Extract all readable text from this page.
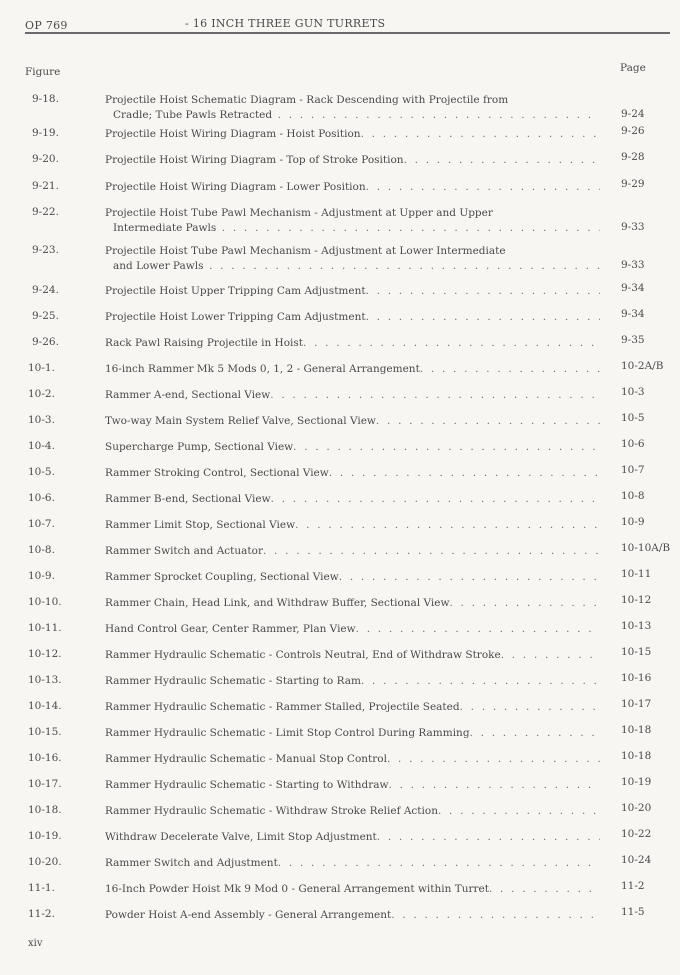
OP 769	- 16 INCH THREE GUN TURRETS
Figure	Page
9-18.	Projectile Hoist Schematic Diagram - Rack Descending with Projectile from
Cradle; Tube Pawls Retracted . . .	9-24
9-19.	Projectile Hoist Wiring Diagram - Hoist Position . . .	9-26
9-20.	Projectile Hoist Wiring Diagram - Top of Stroke Position . . .	9-28
9-21.	Projectile Hoist Wiring Diagram - Lower Position . . .	9-29
9-22.	Projectile Hoist Tube Pawl Mechanism - Adjustment at Upper and Upper
Intermediate Pawls . . .	9-33
9-23.	Projectile Hoist Tube Pawl Mechanism - Adjustment at Lower Intermediate
and Lower Pawls . . .	9-33
9-24.	Projectile Hoist Upper Tripping Cam Adjustment . . .	9-34
9-25.	Projectile Hoist Lower Tripping Cam Adjustment . . .	9-34
9-26.	Rack Pawl Raising Projectile in Hoist . . .	9-35
10-1.	16-inch Rammer Mk 5 Mods 0, 1, 2 - General Arrangement . . .	10-2A/B
10-2.	Rammer A-end, Sectional View . . .	10-3
10-3.	Two-way Main System Relief Valve, Sectional View . . .	10-5
10-4.	Supercharge Pump, Sectional View . . .	10-6
10-5.	Rammer Stroking Control, Sectional View . . .	10-7
10-6.	Rammer B-end, Sectional View . . .	10-8
10-7.	Rammer Limit Stop, Sectional View . . .	10-9
10-8.	Rammer Switch and Actuator . . .	10-10A/B
10-9.	Rammer Sprocket Coupling, Sectional View . . .	10-11
10-10.	Rammer Chain, Head Link, and Withdraw Buffer, Sectional View . . .	10-12
10-11.	Hand Control Gear, Center Rammer, Plan View . . .	10-13
10-12.	Rammer Hydraulic Schematic - Controls Neutral, End of Withdraw Stroke . . .	10-15
10-13.	Rammer Hydraulic Schematic - Starting to Ram . . .	10-16
10-14.	Rammer Hydraulic Schematic - Rammer Stalled, Projectile Seated . . .	10-17
10-15.	Rammer Hydraulic Schematic - Limit Stop Control During Ramming . . .	10-18
10-16.	Rammer Hydraulic Schematic - Manual Stop Control . . .	10-18
10-17.	Rammer Hydraulic Schematic - Starting to Withdraw . . .	10-19
10-18.	Rammer Hydraulic Schematic - Withdraw Stroke Relief Action . . .	10-20
10-19.	Withdraw Decelerate Valve, Limit Stop Adjustment . . .	10-22
10-20.	Rammer Switch and Adjustment . . .	10-24
11-1.	16-Inch Powder Hoist Mk 9 Mod 0 - General Arrangement within Turret . . .	11-2
11-2.	Powder Hoist A-end Assembly - General Arrangement . . .	11-5
xiv
